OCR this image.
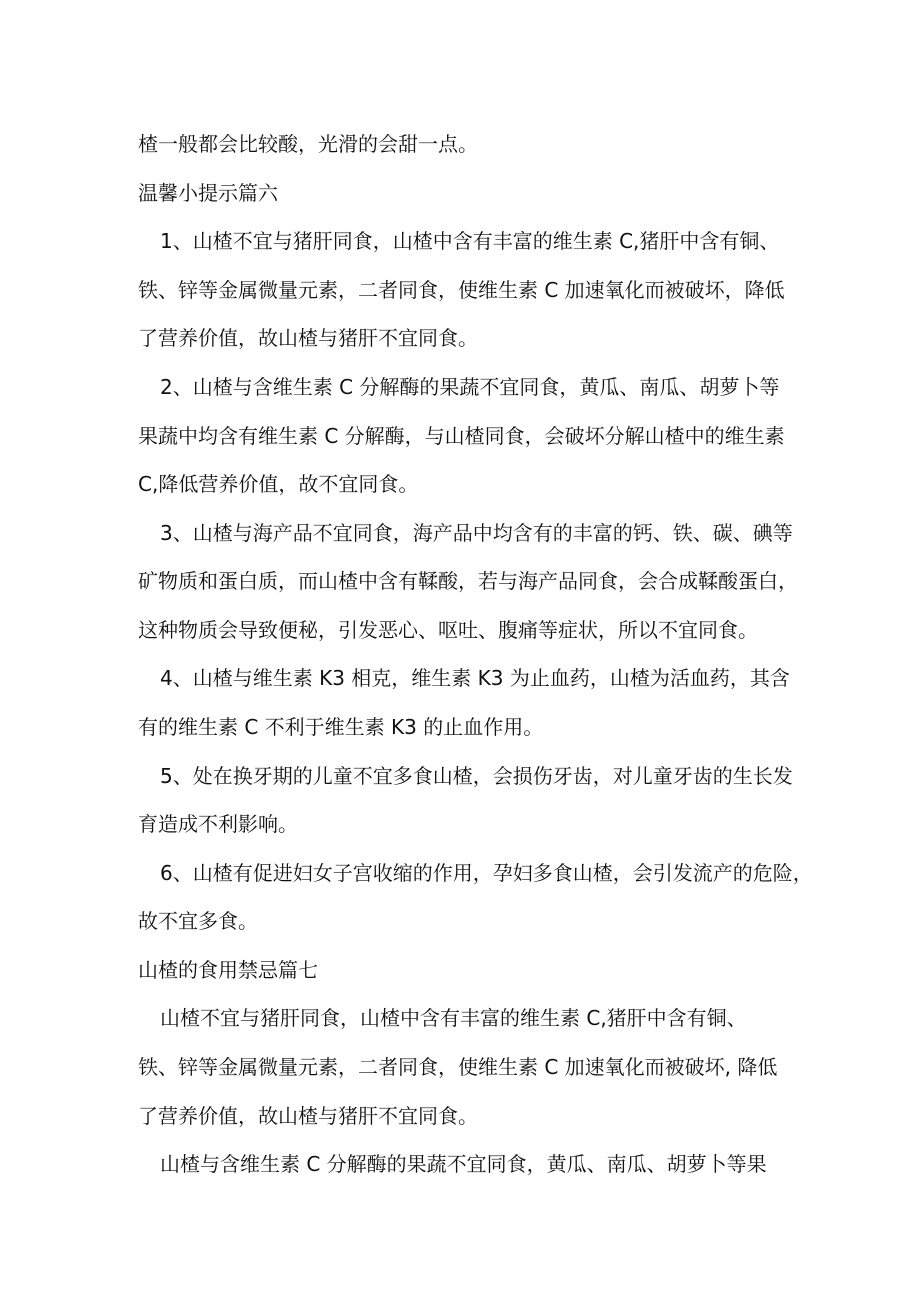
楂一般都会比较酸，光滑的会甜一点。
温馨小提示篇六
1、山楂不宜与猪肝同食，山楂中含有丰富的维生素 C,猪肝中含有铜、
铁、锌等金属微量元素，二者同食，使维生素 C 加速氧化而被破坏，降低
了营养价值，故山楂与猪肝不宜同食。
2、山楂与含维生素 C 分解酶的果蔬不宜同食，黄瓜、南瓜、胡萝卜等
果蔬中均含有维生素 C 分解酶，与山楂同食，会破坏分解山楂中的维生素
C,降低营养价值，故不宜同食。
3、山楂与海产品不宜同食，海产品中均含有的丰富的钙、铁、碳、碘等
矿物质和蛋白质，而山楂中含有鞣酸，若与海产品同食，会合成鞣酸蛋白，
这种物质会导致便秘，引发恶心、呕吐、腹痛等症状，所以不宜同食。
4、山楂与维生素 K3 相克，维生素 K3 为止血药，山楂为活血药，其含
有的维生素 C 不利于维生素 K3 的止血作用。
5、处在换牙期的儿童不宜多食山楂，会损伤牙齿，对儿童牙齿的生长发
育造成不利影响。
6、山楂有促进妇女子宫收缩的作用，孕妇多食山楂，会引发流产的危险，
故不宜多食。
山楂的食用禁忌篇七
山楂不宜与猪肝同食，山楂中含有丰富的维生素 C,猪肝中含有铜、
铁、锌等金属微量元素，二者同食，使维生素 C 加速氧化而被破坏, 降低
了营养价值，故山楂与猪肝不宜同食。
山楂与含维生素 C 分解酶的果蔬不宜同食，黄瓜、南瓜、胡萝卜等果
